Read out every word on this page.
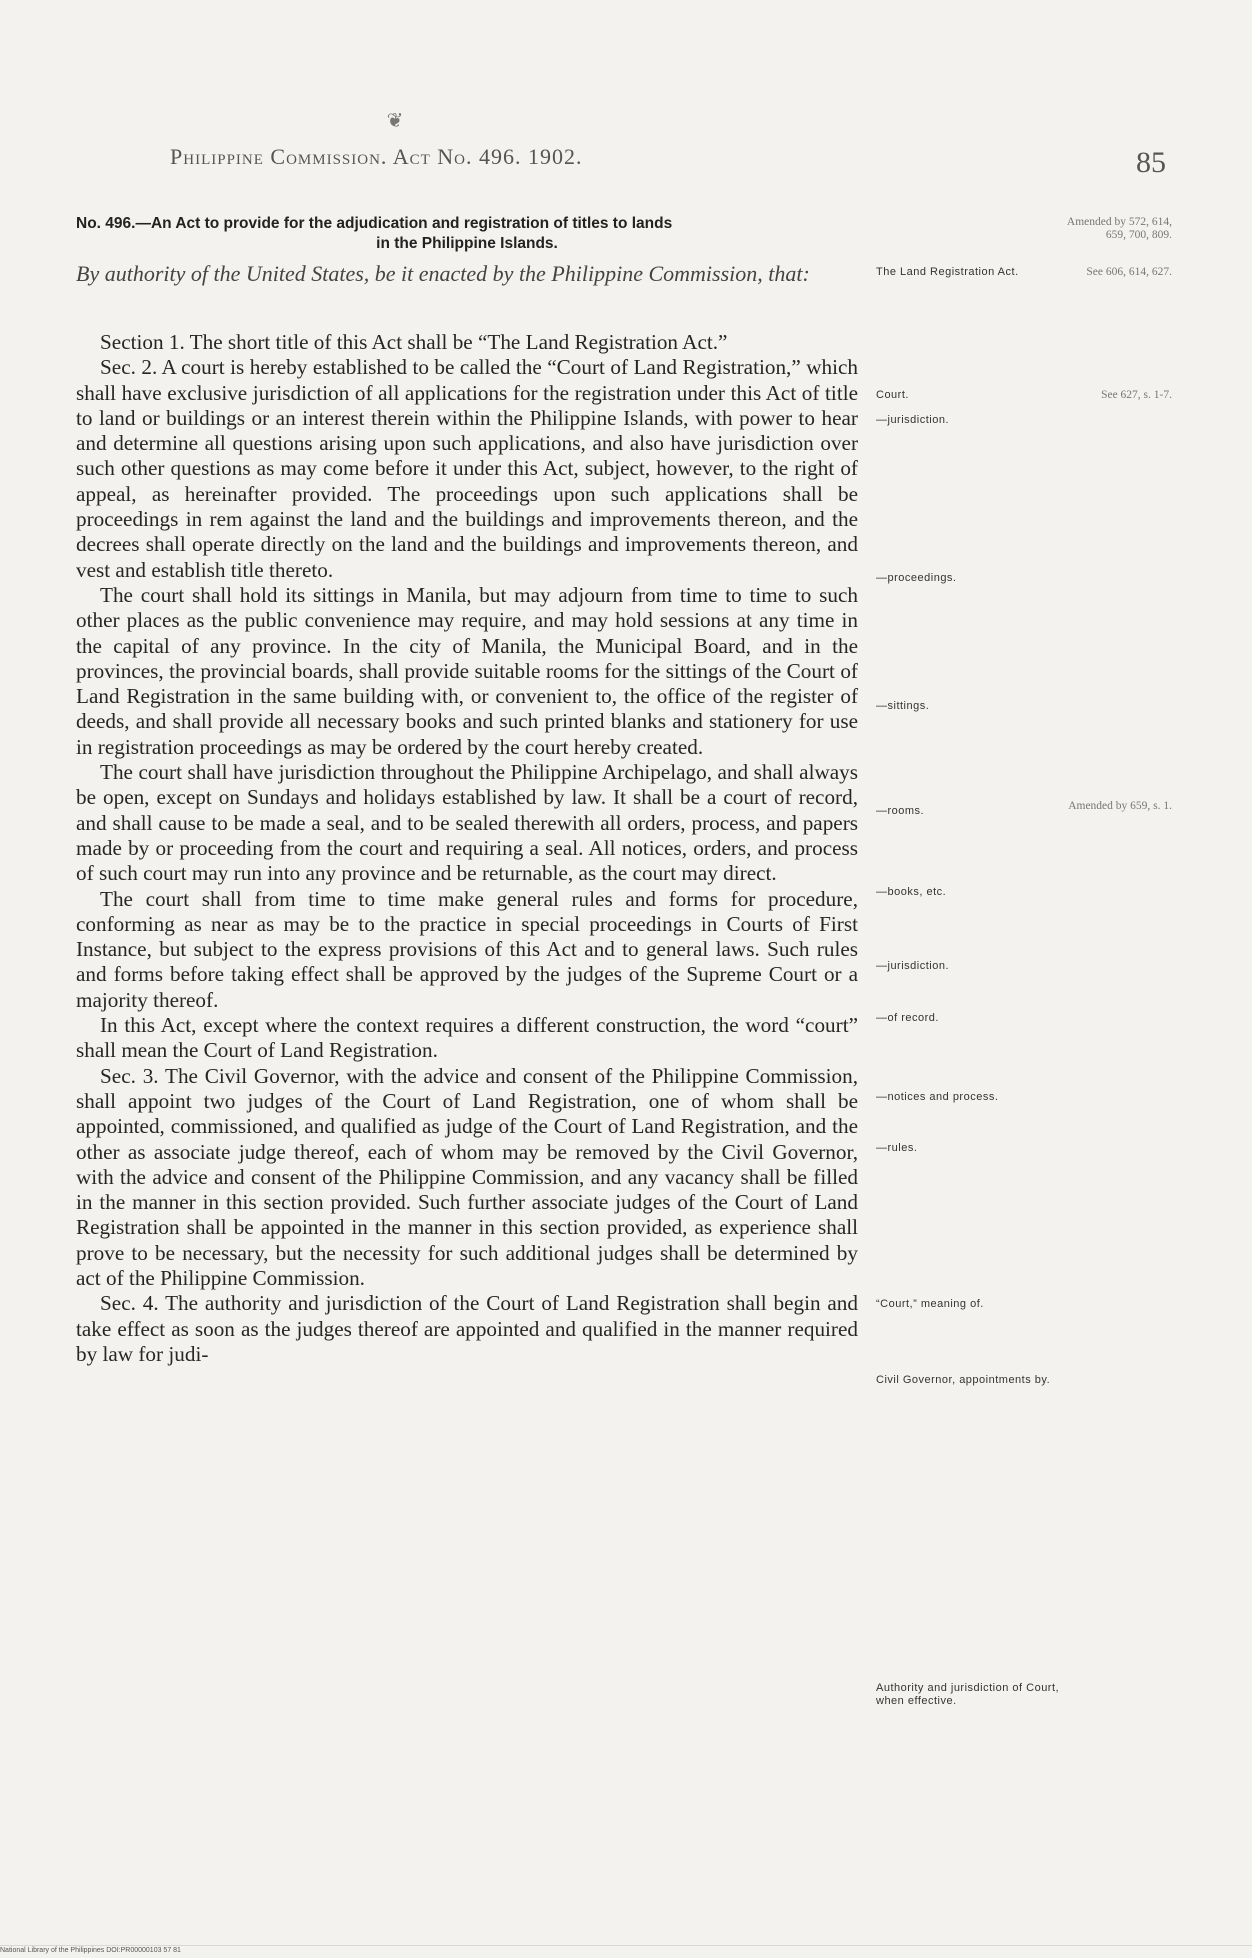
❦
Philippine Commission. Act No. 496. 1902.	85
No. 496.—An Act to provide for the adjudication and registration of titles to lands
in the Philippine Islands.
By authority of the United States, be it enacted by the Philippine Commission, that:

Section 1. The short title of this Act shall be “The Land Registration Act.”

Sec. 2. A court is hereby established to be called the “Court of Land Registration,” which shall have exclusive jurisdiction of all applications for the registration under this Act of title to land or buildings or an interest therein within the Philippine Islands, with power to hear and determine all questions arising upon such applications, and also have jurisdiction over such other questions as may come before it under this Act, subject, however, to the right of appeal, as hereinafter provided. The proceedings upon such applications shall be proceedings in rem against the land and the buildings and improvements thereon, and the decrees shall operate directly on the land and the buildings and improvements thereon, and vest and establish title thereto.

The court shall hold its sittings in Manila, but may adjourn from time to time to such other places as the public convenience may require, and may hold sessions at any time in the capital of any province. In the city of Manila, the Municipal Board, and in the provinces, the provincial boards, shall provide suitable rooms for the sittings of the Court of Land Registration in the same building with, or convenient to, the office of the register of deeds, and shall provide all necessary books and such printed blanks and stationery for use in registration proceedings as may be ordered by the court hereby created.

The court shall have jurisdiction throughout the Philippine Archipelago, and shall always be open, except on Sundays and holidays established by law. It shall be a court of record, and shall cause to be made a seal, and to be sealed therewith all orders, process, and papers made by or proceeding from the court and requiring a seal. All notices, orders, and process of such court may run into any province and be returnable, as the court may direct.

The court shall from time to time make general rules and forms for procedure, conforming as near as may be to the practice in special proceedings in Courts of First Instance, but subject to the express provisions of this Act and to general laws. Such rules and forms before taking effect shall be approved by the judges of the Supreme Court or a majority thereof.

In this Act, except where the context requires a different construction, the word “court” shall mean the Court of Land Registration.

Sec. 3. The Civil Governor, with the advice and consent of the Philippine Commission, shall appoint two judges of the Court of Land Registration, one of whom shall be appointed, commissioned, and qualified as judge of the Court of Land Registration, and the other as associate judge thereof, each of whom may be removed by the Civil Governor, with the advice and consent of the Philippine Commission, and any vacancy shall be filled in the manner in this section provided. Such further associate judges of the Court of Land Registration shall be appointed in the manner in this section provided, as experience shall prove to be necessary, but the necessity for such additional judges shall be determined by act of the Philippine Commission.

Sec. 4. The authority and jurisdiction of the Court of Land Registration shall begin and take effect as soon as the judges thereof are appointed and qualified in the manner required by law for judi-

The Land Registration Act.
Court.
—jurisdiction.
—proceedings.
—sittings.
—rooms.
—books, etc.
—jurisdiction.
—of record.
—notices and process.
—rules.
“Court,” meaning of.
Civil Governor, appointments by.
Authority and jurisdiction of Court, when effective.
Amended by 572, 614, 659, 700, 809.
See 606, 614, 627.
See 627, s. 1-7.
Amended by 659, s. 1.
National Library of the Philippines DOI:PR00000103 57 81
